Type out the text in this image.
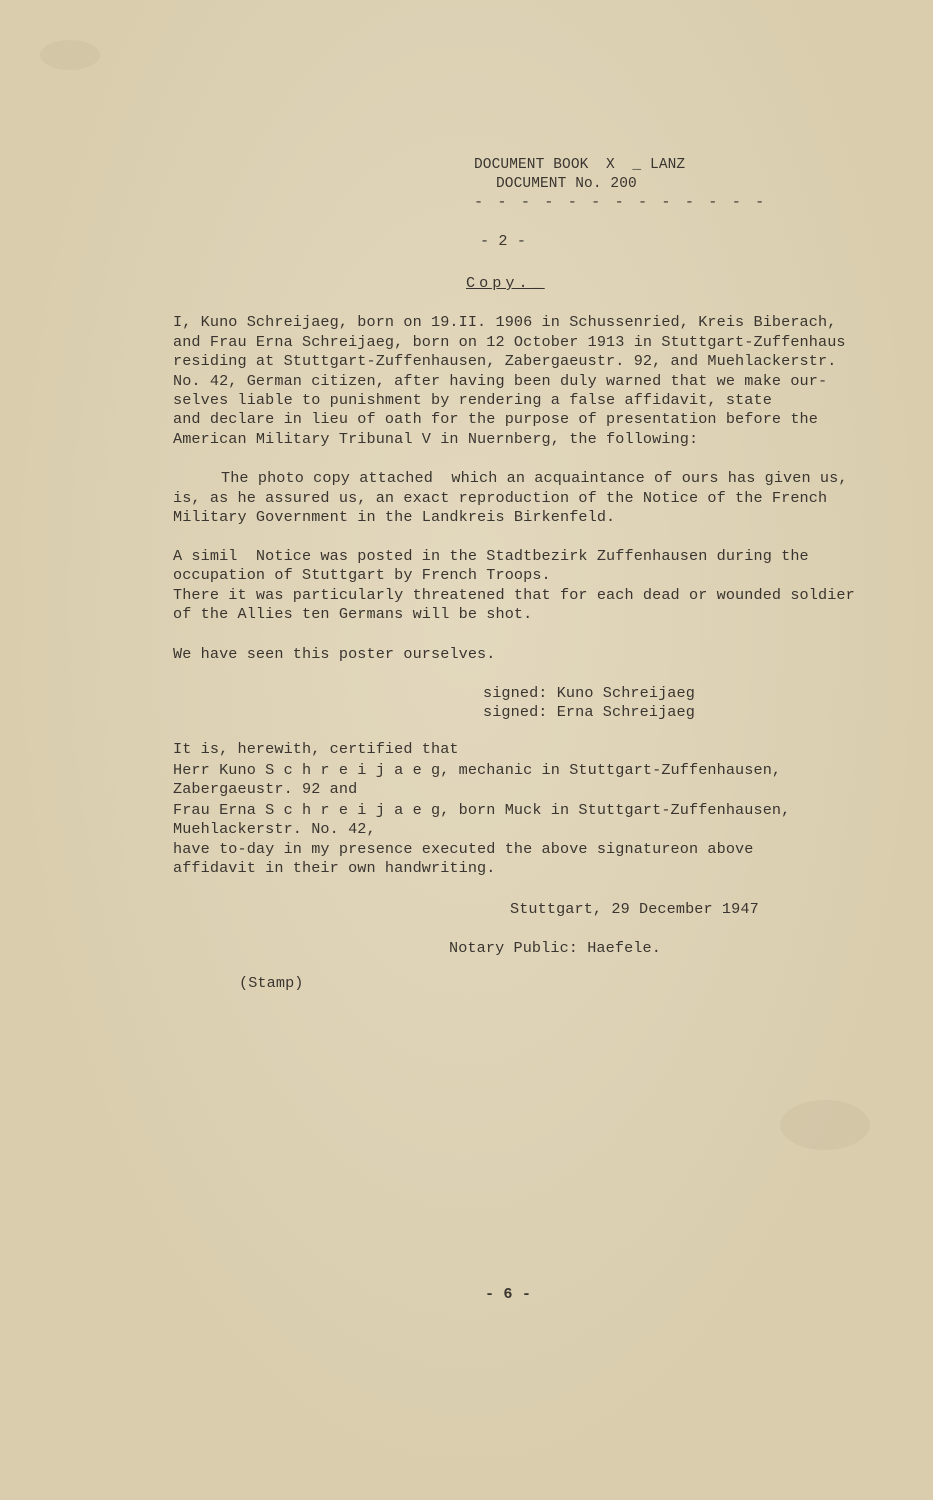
DOCUMENT BOOK  X  _ LANZ
DOCUMENT No. 200
- - - - - - - - - - - - -
- 2 -
Copy._
I, Kuno Schreijaeg, born on 19.II. 1906 in Schussenried, Kreis Biberach,
and Frau Erna Schreijaeg, born on 12 October 1913 in Stuttgart-Zuffenhaus
residing at Stuttgart-Zuffenhausen, Zabergaeustr. 92, and Muehlackerstr.
No. 42, German citizen, after having been duly warned that we make our-
selves liable to punishment by rendering a false affidavit, state
and declare in lieu of oath for the purpose of presentation before the
American Military Tribunal V in Nuernberg, the following:
The photo copy attached  which an acquaintance of ours has given us,
is, as he assured us, an exact reproduction of the Notice of the French
Military Government in the Landkreis Birkenfeld.
A simil  Notice was posted in the Stadtbezirk Zuffenhausen during the
occupation of Stuttgart by French Troops.
There it was particularly threatened that for each dead or wounded soldier
of the Allies ten Germans will be shot.
We have seen this poster ourselves.
signed: Kuno Schreijaeg
signed: Erna Schreijaeg
It is, herewith, certified that
Herr Kuno S c h r e i j a e g, mechanic in Stuttgart-Zuffenhausen,
Zabergaeustr. 92 and
Frau Erna S c h r e i j a e g, born Muck in Stuttgart-Zuffenhausen,
Muehlackerstr. No. 42,
have to-day in my presence executed the above signatureon above
affidavit in their own handwriting.
Stuttgart, 29 December 1947
Notary Public: Haefele.
(Stamp)
- 6 -
